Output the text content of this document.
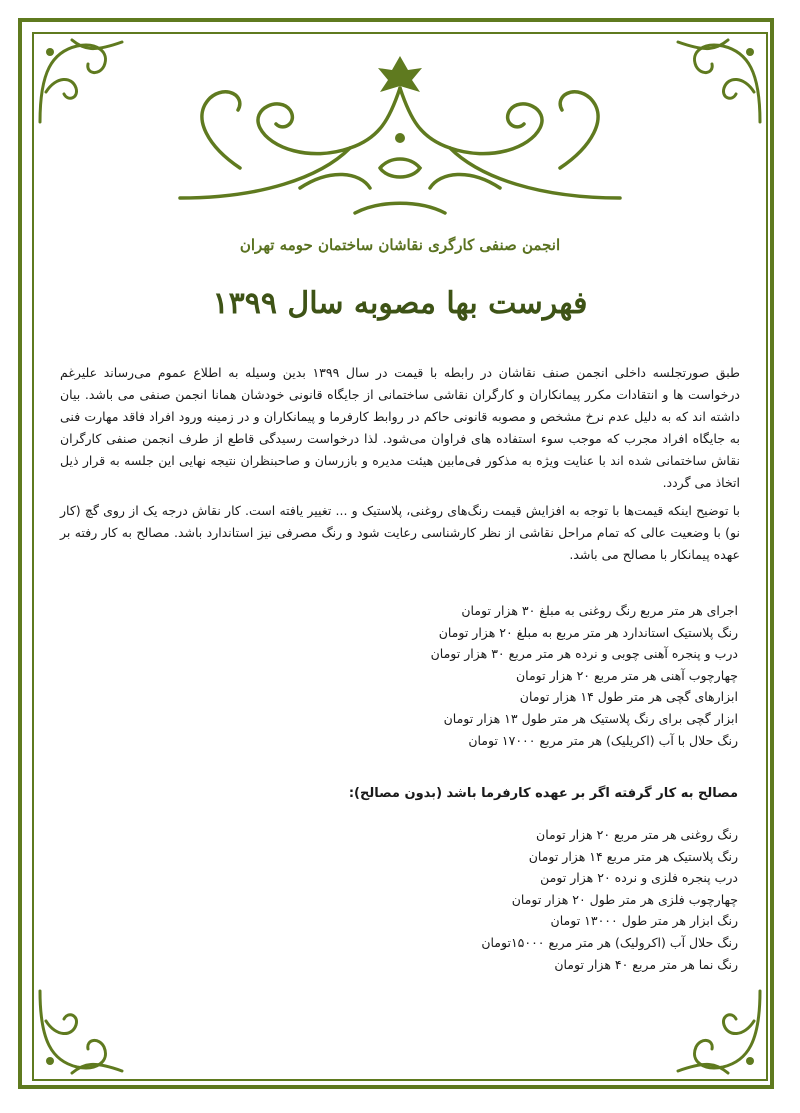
انجمن صنفی کارگری نقاشان ساختمان حومه تهران
فهرست بها مصوبه سال ۱۳۹۹
طبق صورتجلسه داخلی انجمن صنف نقاشان در رابطه با قیمت در سال ۱۳۹۹ بدین وسیله به اطلاع عموم می‌رساند علیرغم درخواست ها و انتقادات مکرر پیمانکاران و کارگران نقاشی ساختمانی از جایگاه قانونی خودشان همانا انجمن صنفی می باشد. بیان داشته اند که به دلیل عدم نرخ مشخص و مصوبه قانونی حاکم در روابط کارفرما و پیمانکاران و در زمینه ورود افراد فاقد مهارت فنی به جایگاه افراد مجرب که موجب سوء استفاده های فراوان می‌شود. لذا درخواست رسیدگی قاطع از طرف انجمن صنفی کارگران نقاش ساختمانی شده اند با عنایت ویژه به مذکور فی‌مابین هیئت مدیره و بازرسان و صاحبنظران نتیجه نهایی این جلسه به قرار ذیل اتخاذ می گردد.
با توضیح اینکه قیمت‌ها با توجه به افزایش قیمت رنگ‌های روغنی، پلاستیک و ... تغییر یافته است. کار نقاش درجه یک از روی گچ (کار نو) با وضعیت عالی که تمام مراحل نقاشی از نظر کارشناسی رعایت شود و رنگ مصرفی نیز استاندارد باشد. مصالح به کار رفته بر عهده پیمانکار با مصالح می باشد.
اجرای هر متر مربع رنگ روغنی به مبلغ ۳۰ هزار تومان
رنگ پلاستیک استاندارد هر متر مربع به مبلغ ۲۰ هزار تومان
درب و پنجره آهنی چوبی و نرده هر متر مربع ۳۰ هزار تومان
چهارچوب آهنی هر متر مربع ۲۰ هزار تومان
ابزارهای گچی هر متر طول ۱۴ هزار تومان
ابزار گچی برای رنگ پلاستیک هر متر طول ۱۳ هزار تومان
رنگ حلال با آب (اکریلیک) هر متر مربع ۱۷۰۰۰ تومان
مصالح به کار گرفته اگر بر عهده کارفرما باشد (بدون مصالح):
رنگ روغنی هر متر مربع ۲۰ هزار تومان
رنگ پلاستیک هر متر مربع ۱۴ هزار تومان
درب پنجره فلزی و نرده ۲۰ هزار تومن
چهارچوب فلزی هر متر طول ۲۰ هزار تومان
رنگ ابزار هر متر طول ۱۳۰۰۰ تومان
رنگ حلال آب (اکرولیک) هر متر مربع ۱۵۰۰۰تومان
رنگ نما هر متر مربع ۴۰ هزار تومان
